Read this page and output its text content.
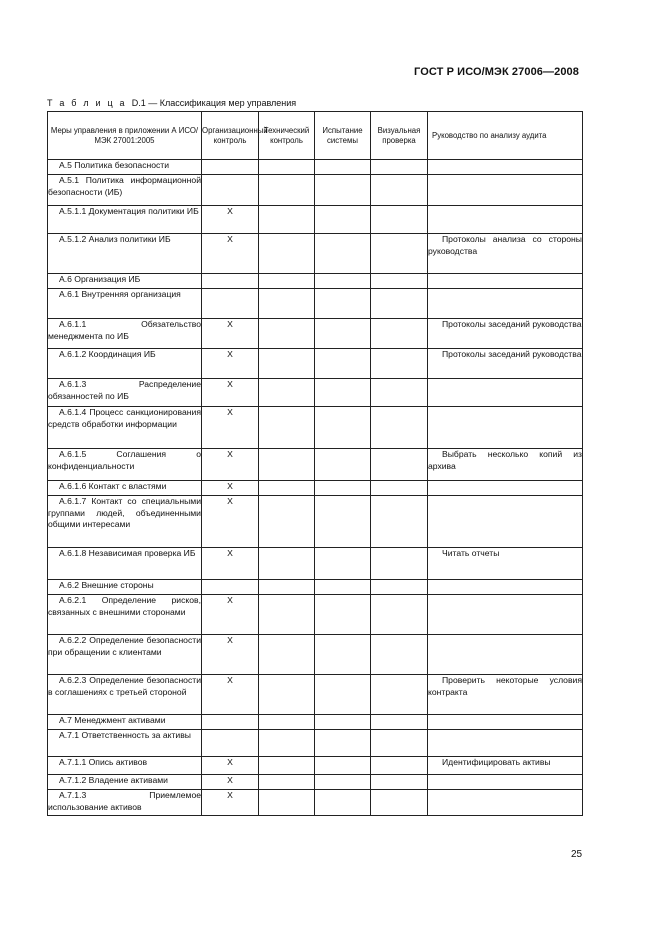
ГОСТ Р ИСО/МЭК 27006—2008
Т а б л и ц а D.1 — Классификация мер управления
Меры управления в приложении А ИСО/МЭК 27001:2005	Организационный контроль	Технический контроль	Испытание системы	Визуальная проверка	Руководство по анализу аудита
A.5 Политика безопасности					
A.5.1 Политика информационной безопасности (ИБ)					
A.5.1.1 Документация политики ИБ	X				
A.5.1.2 Анализ политики ИБ	X				Протоколы анализа со стороны руководства
A.6 Организация ИБ					
A.6.1 Внутренняя организация					
A.6.1.1 Обязательство менеджмента по ИБ	X				Протоколы заседаний руководства
A.6.1.2 Координация ИБ	X				Протоколы заседаний руководства
A.6.1.3 Распределение обязанностей по ИБ	X				
A.6.1.4 Процесс санкционирования средств обработки информации	X				
A.6.1.5 Соглашения о конфиденциальности	X				Выбрать несколько копий из архива
A.6.1.6 Контакт с властями	X				
A.6.1.7 Контакт со специальными группами людей, объединенными общими интересами	X				
A.6.1.8 Независимая проверка ИБ	X				Читать отчеты
A.6.2 Внешние стороны					
A.6.2.1 Определение рисков, связанных с внешними сторонами	X				
A.6.2.2 Определение безопасности при обращении с клиентами	X				
A.6.2.3 Определение безопасности в соглашениях с третьей стороной	X				Проверить некоторые условия контракта
A.7 Менеджмент активами					
A.7.1 Ответственность за активы					
A.7.1.1 Опись активов	X				Идентифицировать активы
A.7.1.2 Владение активами	X				
A.7.1.3 Приемлемое использование активов	X				
25
